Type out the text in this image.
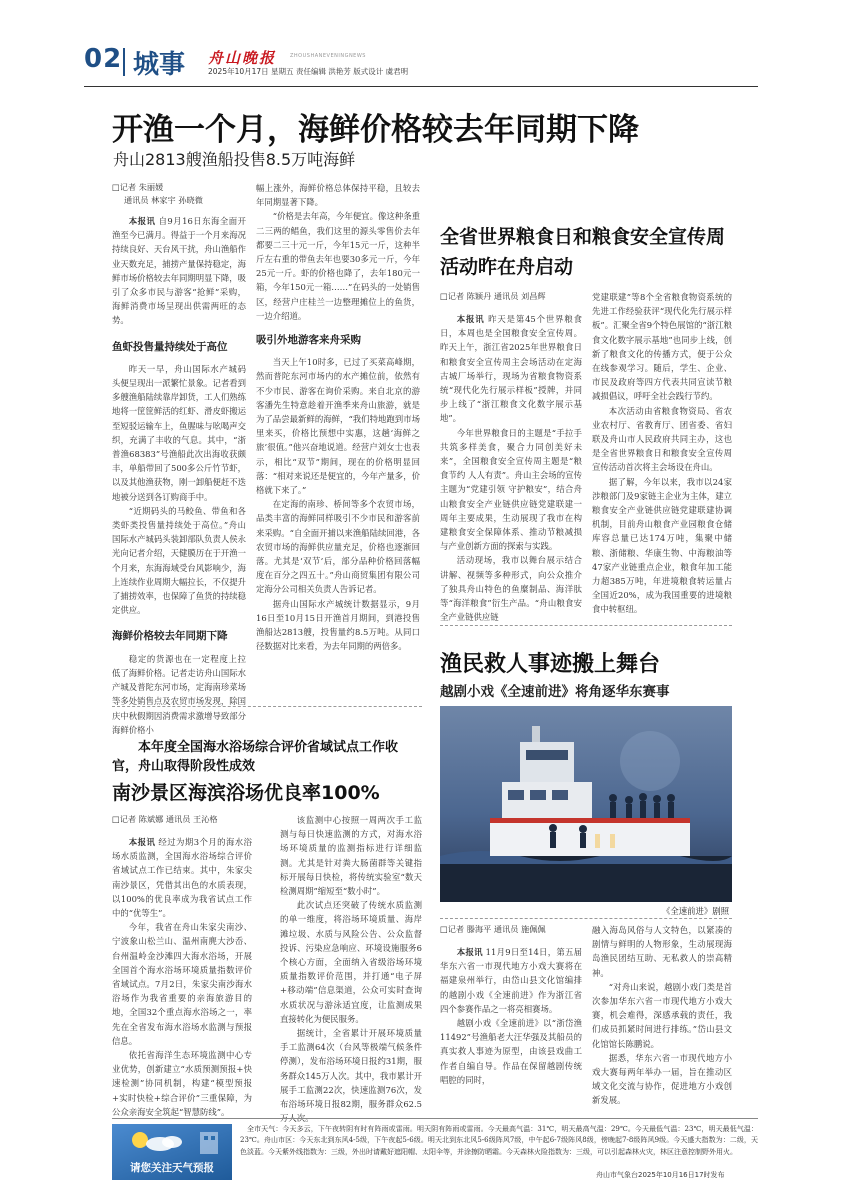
02 城事 舟山晚报	ZHOUSHANEVENINGNEWS
2025年10月17日 星期五 责任编辑 洪艳芳 版式设计 虞君明
开渔一个月，海鲜价格较去年同期下降
舟山2813艘渔船投售8.5万吨海鲜
□记者 朱丽媛
通讯员 林家宇 孙晓微

本报讯 自9月16日东海全面开渔至今已满月。得益于一个月来海况持续良好、天台风干扰，舟山渔船作业天数充足，捕捞产量保持稳定，海鲜市场价格较去年同期明显下降，吸引了众多市民与游客“抢鲜”采购，海鲜消费市场呈现出供需两旺的态势。

鱼虾投售量持续处于高位

昨天一早，舟山国际水产城码头便呈现出一派繁忙景象。记者看到多艘渔船陆续靠岸卸货，工人们熟练地将一筐筐鲜活的红虾、滑皮虾搬运至短驳运输车上，鱼腥味与吆喝声交织，充满了丰收的气息。其中，“浙普渔68383”号渔船此次出海收获颇丰，单船带回了500多公斤竹节虾，以及其他渔获物，刚一卸船便赶不迭地被分送到各订购商手中。

“近期码头的马鲛鱼、带鱼和各类虾类投售量持续处于高位。”舟山国际水产城码头装卸部队负责人侯永光向记者介绍，天健膜历在于开渔一个月来，东海海域受台风影响少，海上连续作业周期大幅拉长，不仅提升了捕捞效率，也保障了鱼货的持续稳定供应。

海鲜价格较去年同期下降

稳定的货源也在一定程度上拉低了海鲜价格。记者走访舟山国际水产城及普陀东河市场，定海南珍菜场等多处销售点及农贸市场发现，除国庆中秋假期因消费需求激增导致部分海鲜价格小

幅上涨外，海鲜价格总体保持平稳，且较去年同期显著下降。

“价格是去年高，今年便宜。像这种条重二三两的鲳鱼，我们这里的源头零售价去年都要二三十元一斤，今年15元一斤，这种半斤左右重的带鱼去年也要30多元一斤，今年25元一斤。虾的价格也降了，去年180元一箱，今年150元一箱……”在码头的一处销售区，经营户庄桂兰一边整理摊位上的鱼货，一边介绍道。

吸引外地游客来舟采购

当天上午10时多，已过了买菜高峰期，然而普陀东河市场内的水产摊位前，依然有不少市民、游客在询价采购。来自北京的游客潘先生特意趁着开渔季来舟山旅游，就是为了品尝最新鲜的海鲜，“我们特地跑到市场里来买，价格比预想中实惠，这趟‘海鲜之旅’很值。”他兴奋地说道。经营户刘女士也表示，相比“双节”期间，现在的价格明显回落：“相对来说还是便宜的，今年产量多，价格就下来了。”

在定海的南珍、桥间等多个农贸市场，品类丰富的海鲜同样吸引不少市民和游客前来采购。“自全面开捕以来渔船陆续回港，各农贸市场的海鲜供应量充足，价格也逐渐回落。尤其是‘双节’后，部分品种价格回落幅度在百分之四五十。”舟山商贸集团有限公司定海分公司相关负责人告诉记者。

据舟山国际水产城统计数据显示，9月16日至10月15日开渔首月期间，到港投售渔船达2813艘，投售量约8.5万吨。从同口径数据对比来看，为去年同期的两倍多。

全省世界粮食日和粮食安全宣传周活动昨在舟启动
□记者 陈颖丹 通讯员 刘昌辉

本报讯 昨天是第45个世界粮食日，本周也是全国粮食安全宣传周。昨天上午，浙江省2025年世界粮食日和粮食安全宣传周主会场活动在定海古城厂场举行，现场为省粮食物资系统“现代化先行展示样板”授牌，并同步上线了“浙江粮食文化数字展示基地”。

今年世界粮食日的主题是“手拉手共筑多样美食，聚合力同创美好未来”，全国粮食安全宣传周主题是“粮食节约 人人有责”。舟山主会场的宣传主题为“党建引领 守护粮安”，结合舟山粮食安全产业链供应链党建联建一周年主要成果，生动展现了我市在构建粮食安全保障体系、推动节粮减损与产业创新方面的探索与实践。

活动现场，我市以舞台展示结合讲解、视频等多种形式，向公众推介了独具舟山特色的鱼糜制品、海洋肽等“海洋粮食”衍生产品。“舟山粮食安全产业链供应链

党建联建”等8个全省粮食物资系统的先进工作经验获评“现代化先行展示样板”。汇聚全省9个特色展馆的“浙江粮食文化数字展示基地”也同步上线，创新了粮食文化的传播方式，便于公众在线参观学习。随后，学生、企业、市民及政府等四方代表共同宣读节粮减损倡议，呼吁全社会践行节约。

本次活动由省粮食物资局、省农业农村厅、省教育厅、团省委、省妇联及舟山市人民政府共同主办，这也是全省世界粮食日和粮食安全宣传周宣传活动首次将主会场设在舟山。

据了解，今年以来，我市以24家涉粮部门及9家链主企业为主体，建立粮食安全产业链供应链党建联建协调机制，目前舟山粮食产业园粮食仓储库容总量已达174万吨，集聚中储粮、浙储粮、华康生物、中海粮油等47家产业链重点企业，粮食年加工能力超385万吨，年进境粮食转运量占全国近20%，成为我国重要的进境粮食中转枢纽。

本年度全国海水浴场综合评价省域试点工作收官，舟山取得阶段性成效
南沙景区海滨浴场优良率100%
□记者 陈斌娜 通讯员 王沁格

本报讯 经过为期3个月的海水浴场水质监测，全国海水浴场综合评价省域试点工作已结束。其中，朱家尖南沙景区，凭借其出色的水质表现，以100%的优良率成为我省试点工作中的“优等生”。

今年，我省在舟山朱家尖南沙、宁波象山松兰山、温州南麂大沙岙、台州温岭金沙滩四大海水浴场，开展全国首个海水浴场环境质量指数评价省域试点。7月2日，朱家尖南沙海水浴场作为我省重要的亲海旅游目的地，全国32个重点海水浴场之一，率先在全省发布海水浴场水监测与预报信息。

依托省海洋生态环境监测中心专业优势，创新建立“水质预测预报+快速检测”协同机制，构建“模型预报+实时快检+综合评价”三重保障，为公众亲海安全筑起“智慧防线”。

该监测中心按照一周两次手工监测与每日快速监测的方式，对海水浴场环境质量的监测指标进行详细监测。尤其是针对粪大肠菌群等关键指标开展每日快检，将传统实验室“数天检测周期”缩短至“数小时”。

此次试点还突破了传统水质监测的单一维度，将浴场环境质量、海岸滩垃圾、水质与风险公告、公众监督投诉、污染应急响应、环境设施服务6个核心方面，全面纳入省级浴场环境质量指数评价范围，并打通“电子屏+移动端”信息渠道，公众可实时查询水质状况与游泳适宜度，让监测成果直接转化为便民服务。

据统计，全省累计开展环境质量手工监测64次（台风等极端气候条件停测），发布浴场环境日报约31期，服务群众145万人次。其中，我市累计开展手工监测22次，快速监测76次，发布浴场环境日报82期，服务群众62.5

渔民救人事迹搬上舞台
越剧小戏《全速前进》将角逐华东赛事
《全速前进》剧照
□记者 滕海平 通讯员 施佩佩

本报讯 11月9日至14日，第五届华东六省一市现代地方小戏大赛将在福建泉州举行，由岱山县文化馆编排的越剧小戏《全速前进》作为浙江省四个参赛作品之一将亮相赛场。

越剧小戏《全速前进》以“浙岱渔11492”号渔船老大汪华强及其船员的真实救人事迹为原型，由该县戏曲工作者自编自导。作品在保留越剧传统唱腔的同时，

融入海岛风俗与人文特色，以紧凑的剧情与鲜明的人物形象，生动展现海岛渔民团结互助、无私救人的崇高精神。

“对舟山来说，越剧小戏门类是首次参加华东六省一市现代地方小戏大赛，机会难得，深感承载的责任，我们成员抓紧时间进行排练。”岱山县文化馆馆长陈鹏说。

据悉，华东六省一市现代地方小戏大赛每两年举办一届，旨在推动区域文化交流与协作，促进地方小戏创新发展。

请您关注天气预报
全市天气：今天多云，下午夜转阴有时有阵雨或雷雨。明天阴有阵雨或雷雨。今天最高气温：31℃，明天最高气温：29℃。今天最低气温：23℃，明天最低气温：23℃。舟山市区：今天东北到东风4-5级，下午夜起5-6级。明天北到东北风5-6级阵风7级，中午起6-7级阵风8级，傍晚起7-8级阵风9级。今天盛大指数为：二级，天色淡蓝。今天紫外线指数为：三级，外出时请戴好遮阳帽、太阳伞等，并涂擦防晒霜。今天森林火险指数为：三级，可以引起森林火灾，林区注意控制野外用火。
舟山市气象台2025年10月16日17时发布
